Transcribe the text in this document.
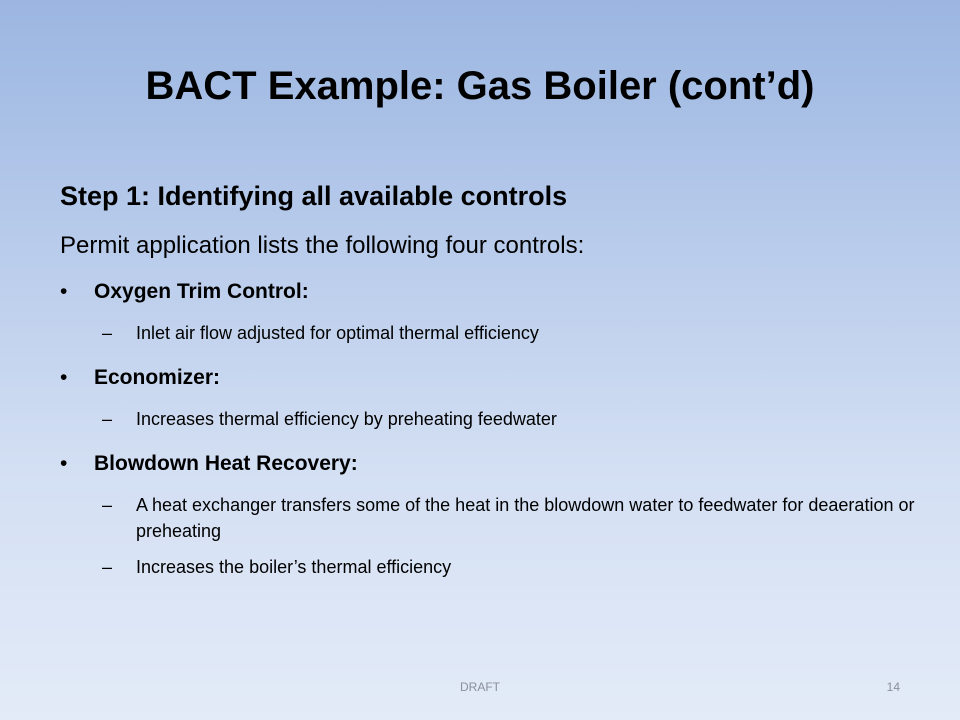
BACT Example: Gas Boiler (cont’d)
Step 1: Identifying all available controls
Permit application lists the following four controls:
• Oxygen Trim Control:
– Inlet air flow adjusted for optimal thermal efficiency
• Economizer:
– Increases thermal efficiency by preheating feedwater
• Blowdown Heat Recovery:
– A heat exchanger transfers some of the heat in the blowdown water to feedwater for deaeration or preheating
– Increases the boiler’s thermal efficiency
DRAFT	14
